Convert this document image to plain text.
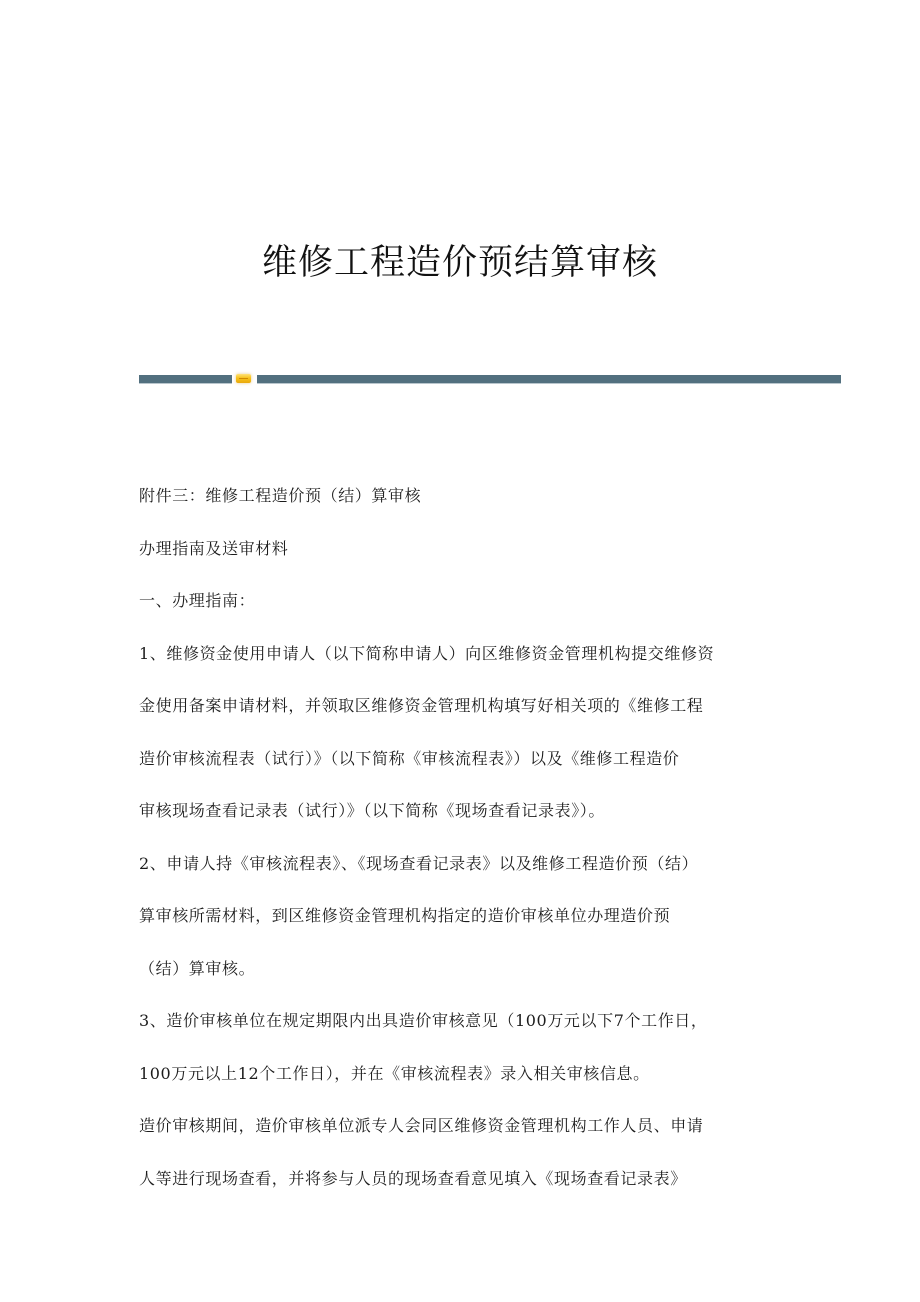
维修工程造价预结算审核

附件三：维修工程造价预（结）算审核

办理指南及送审材料

一、办理指南：

1、维修资金使用申请人（以下简称申请人）向区维修资金管理机构提交维修资

金使用备案申请材料，并领取区维修资金管理机构填写好相关项的《维修工程

造价审核流程表（试行）》（以下简称《审核流程表》）以及《维修工程造价

审核现场查看记录表（试行）》（以下简称《现场查看记录表》）。

2、申请人持《审核流程表》、《现场查看记录表》以及维修工程造价预（结）

算审核所需材料，到区维修资金管理机构指定的造价审核单位办理造价预

（结）算审核。

3、造价审核单位在规定期限内出具造价审核意见（100万元以下7个工作日，

100万元以上12个工作日），并在《审核流程表》录入相关审核信息。

造价审核期间，造价审核单位派专人会同区维修资金管理机构工作人员、申请

人等进行现场查看，并将参与人员的现场查看意见填入《现场查看记录表》
